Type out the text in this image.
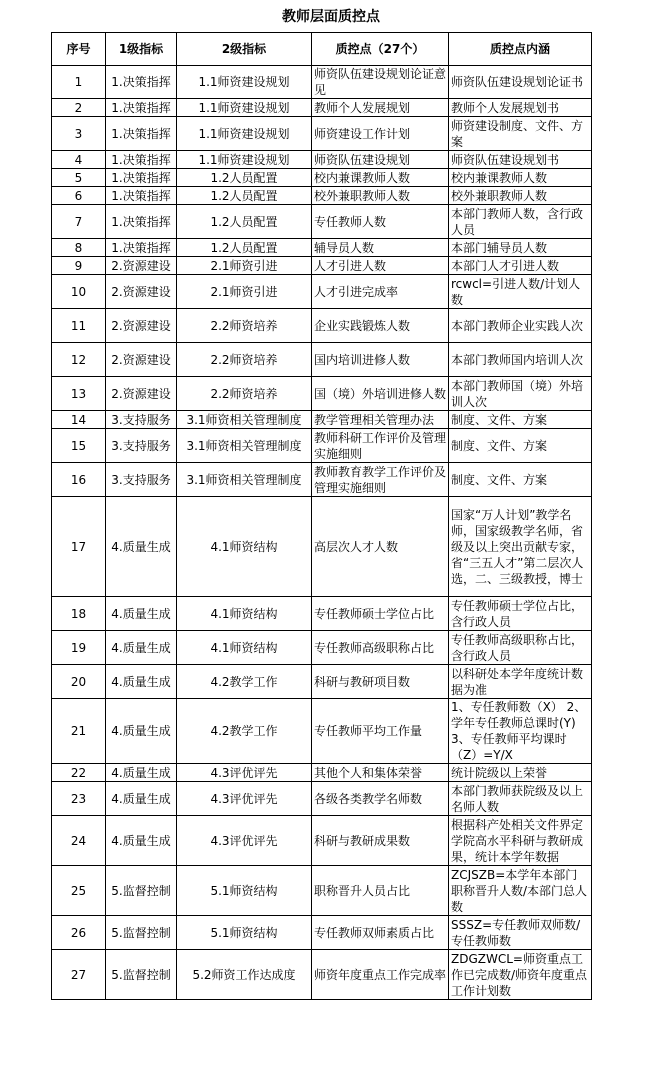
教师层面质控点
序号	1级指标	2级指标	质控点（27个）	质控点内涵
1	1.决策指挥	1.1师资建设规划	师资队伍建设规划论证意见	师资队伍建设规划论证书
2	1.决策指挥	1.1师资建设规划	教师个人发展规划	教师个人发展规划书
3	1.决策指挥	1.1师资建设规划	师资建设工作计划	师资建设制度、文件、方案
4	1.决策指挥	1.1师资建设规划	师资队伍建设规划	师资队伍建设规划书
5	1.决策指挥	1.2人员配置	校内兼课教师人数	校内兼课教师人数
6	1.决策指挥	1.2人员配置	校外兼职教师人数	校外兼职教师人数
7	1.决策指挥	1.2人员配置	专任教师人数	本部门教师人数，含行政人员
8	1.决策指挥	1.2人员配置	辅导员人数	本部门辅导员人数
9	2.资源建设	2.1师资引进	人才引进人数	本部门人才引进人数
10	2.资源建设	2.1师资引进	人才引进完成率	rcwcl=引进人数/计划人数
11	2.资源建设	2.2师资培养	企业实践锻炼人数	本部门教师企业实践人次
12	2.资源建设	2.2师资培养	国内培训进修人数	本部门教师国内培训人次
13	2.资源建设	2.2师资培养	国（境）外培训进修人数	本部门教师国（境）外培训人次
14	3.支持服务	3.1师资相关管理制度	教学管理相关管理办法	制度、文件、方案
15	3.支持服务	3.1师资相关管理制度	教师科研工作评价及管理实施细则	制度、文件、方案
16	3.支持服务	3.1师资相关管理制度	教师教育教学工作评价及管理实施细则	制度、文件、方案
17	4.质量生成	4.1师资结构	高层次人才人数	国家“万人计划”教学名师，国家级教学名师，省级及以上突出贡献专家，省“三五人才”第二层次人选，二、三级教授，博士
18	4.质量生成	4.1师资结构	专任教师硕士学位占比	专任教师硕士学位占比，含行政人员
19	4.质量生成	4.1师资结构	专任教师高级职称占比	专任教师高级职称占比，含行政人员
20	4.质量生成	4.2教学工作	科研与教研项目数	以科研处本学年度统计数据为准
21	4.质量生成	4.2教学工作	专任教师平均工作量	1、专任教师数（X） 2、学年专任教师总课时(Y)　3、专任教师平均课时（Z）=Y/X
22	4.质量生成	4.3评优评先	其他个人和集体荣誉	统计院级以上荣誉
23	4.质量生成	4.3评优评先	各级各类教学名师数	本部门教师获院级及以上名师人数
24	4.质量生成	4.3评优评先	科研与教研成果数	根据科产处相关文件界定学院高水平科研与教研成果，统计本学年数据
25	5.监督控制	5.1师资结构	职称晋升人员占比	ZCJSZB=本学年本部门职称晋升人数/本部门总人数
26	5.监督控制	5.1师资结构	专任教师双师素质占比	SSSZ=专任教师双师数/专任教师数
27	5.监督控制	5.2师资工作达成度	师资年度重点工作完成率	ZDGZWCL=师资重点工作已完成数/师资年度重点工作计划数
